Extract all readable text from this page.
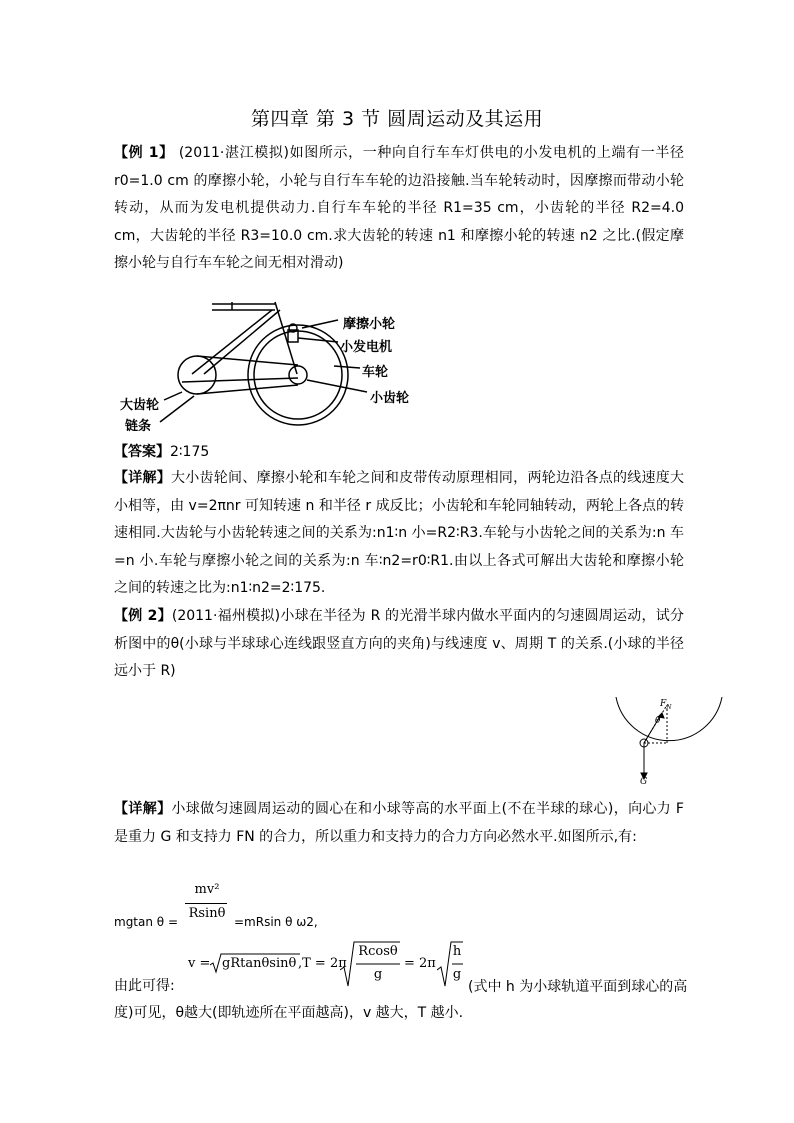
第四章 第 3 节 圆周运动及其运用
【例 1】 (2011·湛江模拟)如图所示，一种向自行车车灯供电的小发电机的上端有一半径 r0=1.0 cm 的摩擦小轮，小轮与自行车车轮的边沿接触.当车轮转动时，因摩擦而带动小轮转动，从而为发电机提供动力.自行车车轮的半径 R1=35 cm，小齿轮的半径 R2=4.0 cm，大齿轮的半径 R3=10.0 cm.求大齿轮的转速 n1 和摩擦小轮的转速 n2 之比.(假定摩擦小轮与自行车车轮之间无相对滑动)
摩擦小轮
小发电机
车轮
小齿轮
大齿轮
链条
【答案】2∶175
【详解】大小齿轮间、摩擦小轮和车轮之间和皮带传动原理相同，两轮边沿各点的线速度大小相等，由 v=2πnr 可知转速 n 和半径 r 成反比；小齿轮和车轮同轴转动，两轮上各点的转速相同.大齿轮与小齿轮转速之间的关系为:n1∶n 小=R2∶R3.车轮与小齿轮之间的关系为:n 车=n 小.车轮与摩擦小轮之间的关系为:n 车∶n2=r0∶R1.由以上各式可解出大齿轮和摩擦小轮之间的转速之比为:n1∶n2=2∶175.
【例 2】(2011·福州模拟)小球在半径为 R 的光滑半球内做水平面内的匀速圆周运动，试分析图中的θ(小球与半球球心连线跟竖直方向的夹角)与线速度 v、周期 T 的关系.(小球的半径远小于 R)
$F_N$
θ
G
【详解】小球做匀速圆周运动的圆心在和小球等高的水平面上(不在半球的球心)，向心力 F 是重力 G 和支持力 FN 的合力，所以重力和支持力的合力方向必然水平.如图所示,有:
mgtan θ =
mv²
Rsinθ
=mRsin θ ω2,
v = gRtanθsinθ ,T = 2π
Rcosθ
g
= 2π
h
g
由此可得:	(式中 h 为小球轨道平面到球心的高
度)可见，θ越大(即轨迹所在平面越高)，v 越大，T 越小.
